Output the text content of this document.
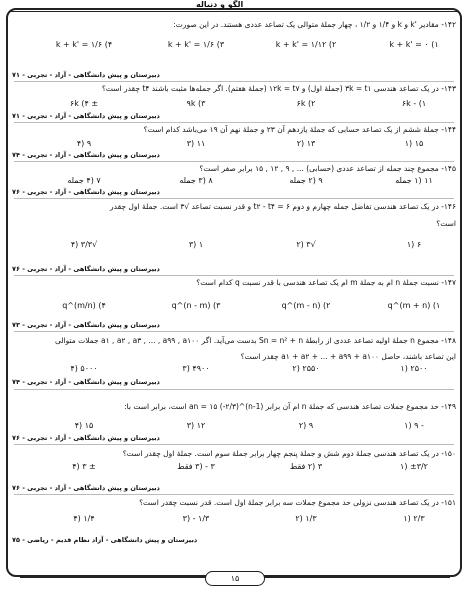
الگو و دنباله
۱۴۲- مقادیر 'k و k و ۱/۴ و ۱/۲ ، چهار جملهٔ متوالی یک تصاعد عددی هستند. در این صورت:
k + k' = ۰ (۱
k + k' = ۱/۱۲ (۲
k + k' = ۱/۶ (۳
k + k' = ۱/۶ (۴
دبیرستان و پیش دانشگاهی - آزاد - تجربی - ۷۱
۱۴۳- در یک تصاعد هندسی ۳k = t۱ (جملهٔ اول) و ۱۲k = t۷ (جملهٔ هفتم). اگر جمله‌ها مثبت باشند t۴ چقدر است؟
۶k - (۱
۶k (۲
۹k (۳
± ۶k (۴
دبیرستان و پیش دانشگاهی - آزاد - تجربی - ۷۱
۱۴۴- جملهٔ ششم از یک تصاعد حسابی که جملهٔ یازدهم آن ۲۳ و جملهٔ نهم آن ۱۹ می‌باشد کدام است؟
۱۵ (۱
۱۳ (۲
۱۱ (۳
۹ (۴
دبیرستان و پیش دانشگاهی - آزاد - تجربی - ۷۴
۱۴۵- مجموع چند جمله از تصاعد عددی (حسابی) ... , ۹ , ۱۲ , ۱۵ برابر صفر است؟
۱۱ (۱ جمله
۹ (۲ جمله
۸ (۳ جمله
۷ (۴ جمله
دبیرستان و پیش دانشگاهی - آزاد - تجربی - ۷۶
۱۴۶- در یک تصاعد هندسی تفاضل جمله چهارم و دوم ۶ = t۲ - t۴ و قدر نسبت تصاعد √۳ است. جملهٔ اول چقدر
است؟
۶ (۱
√۳ (۲
۱ (۳
√۳/۳ (۴
دبیرستان و پیش دانشگاهی - آزاد - تجربی - ۷۶
۱۴۷- نسبت جملهٔ n ام به جملهٔ m ام یک تصاعد هندسی با قدر نسبت q کدام است؟
q^(m + n) (۱
q^(m - n) (۲
q^(n - m) (۳
q^(m/n) (۴
دبیرستان و پیش دانشگاهی - آزاد - تجربی - ۷۳
۱۴۸- مجموع n جملهٔ اولیه تصاعد عددی از رابطهٔ Sn = n² + n بدست می‌آید. اگر a۱ , a۲ , a۳ , ... , a۹۹ , a۱۰۰ جملات متوالی
این تصاعد باشند، حاصل a۱ + a۲ + ... + a۹۹ + a۱۰۰ چقدر است؟
۲۵۰۰ (۱
۲۵۵۰ (۲
۴۹۰۰ (۳
۵۰۰۰ (۴
دبیرستان و پیش دانشگاهی - آزاد - تجربی - ۷۴
۱۴۹- حد مجموع جملات تصاعد هندسی که جملهٔ n ام آن برابر an = ۱۵ (-۲/۳)^(n-1) است، برابر است با:
- ۹ (۱
۹ (۲
۱۲ (۳
۱۵ (۴
دبیرستان و پیش دانشگاهی - آزاد - تجربی - ۷۶
۱۵۰- در یک تصاعد هندسی جملهٔ دوم شش و جملهٔ پنجم چهار برابر جملهٔ سوم است. جملهٔ اول چقدر است؟
±۳/۲ (۱
۳ (۲ فقط
۳ - (۳ فقط
± ۳ (۴
دبیرستان و پیش دانشگاهی - آزاد - تجربی - ۷۶
۱۵۱- در یک تصاعد هندسی نزولی حد مجموع جملات سه برابر جملهٔ اول است. قدر نسبت چقدر است؟
۲/۳ (۱
۱/۳ (۲
۱/۳ - (۳
۱/۴ (۴
دبیرستان و پیش دانشگاهی - آزاد نظام قدیم - ریاضی - ۷۵
۱۵
